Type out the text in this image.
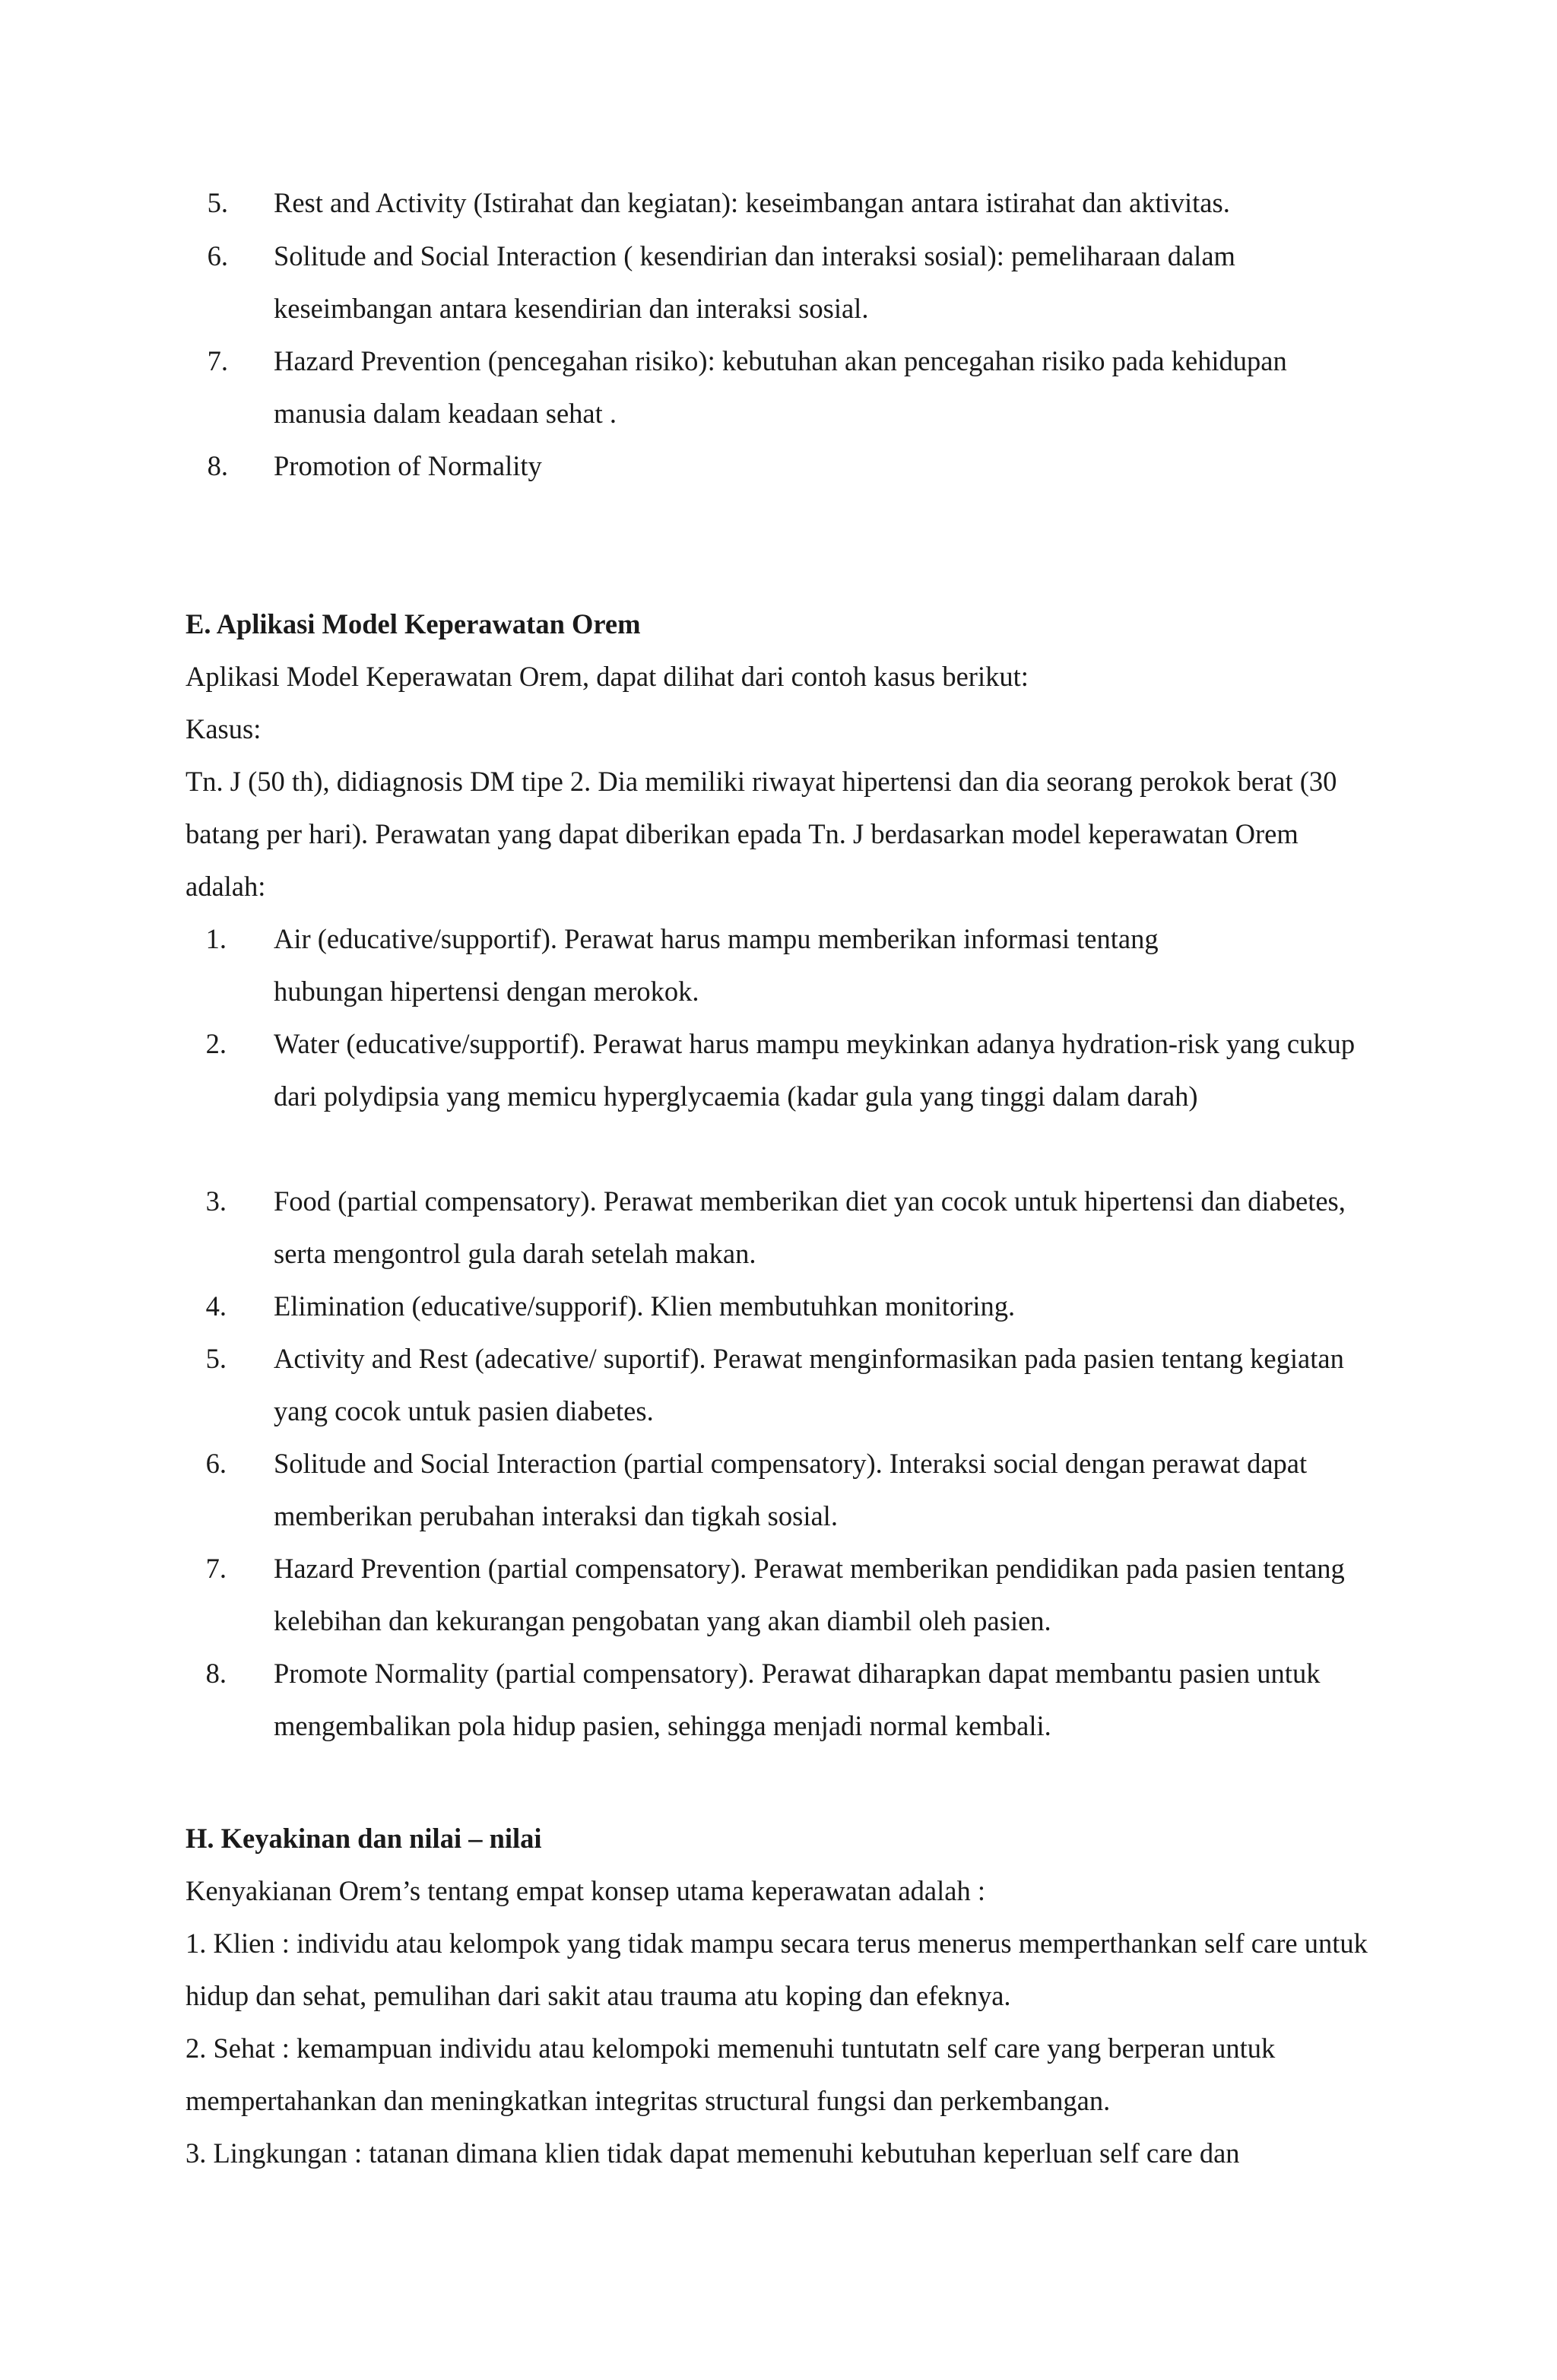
5. Rest and Activity (Istirahat dan kegiatan): keseimbangan antara istirahat dan aktivitas.
6. Solitude and Social Interaction ( kesendirian dan interaksi sosial): pemeliharaan dalam keseimbangan antara kesendirian dan interaksi sosial.
7. Hazard Prevention (pencegahan risiko): kebutuhan akan pencegahan risiko pada kehidupan manusia dalam keadaan sehat .
8. Promotion of Normality

E. Aplikasi Model Keperawatan Orem

Aplikasi Model Keperawatan Orem, dapat dilihat dari contoh kasus berikut:

Kasus:

Tn. J (50 th), didiagnosis DM tipe 2. Dia memiliki riwayat hipertensi dan dia seorang perokok berat (30 batang per hari). Perawatan yang dapat diberikan epada Tn. J berdasarkan model keperawatan Orem adalah:

1. Air (educative/supportif). Perawat harus mampu memberikan informasi tentang hubungan hipertensi dengan merokok.
2. Water (educative/supportif). Perawat harus mampu meykinkan adanya hydration-risk yang cukup dari polydipsia yang memicu hyperglycaemia (kadar gula yang tinggi dalam darah)
3. Food (partial compensatory). Perawat memberikan diet yan cocok untuk hipertensi dan diabetes, serta mengontrol gula darah setelah makan.
4. Elimination (educative/supporif). Klien membutuhkan monitoring.
5. Activity and Rest (adecative/ suportif). Perawat menginformasikan pada pasien tentang kegiatan yang cocok untuk pasien diabetes.
6. Solitude and Social Interaction (partial compensatory). Interaksi social dengan perawat dapat memberikan perubahan interaksi dan tigkah sosial.
7. Hazard Prevention (partial compensatory). Perawat memberikan pendidikan pada pasien tentang kelebihan dan kekurangan pengobatan yang akan diambil oleh pasien.
8. Promote Normality (partial compensatory). Perawat diharapkan dapat membantu pasien untuk mengembalikan pola hidup pasien, sehingga menjadi normal kembali.

H. Keyakinan dan nilai – nilai

Kenyakianan Orem’s tentang empat konsep utama keperawatan adalah :

1. Klien : individu atau kelompok yang tidak mampu secara terus menerus memperthankan self care untuk hidup dan sehat, pemulihan dari sakit atau trauma atu koping dan efeknya.

2. Sehat : kemampuan individu atau kelompoki memenuhi tuntutatn self care yang berperan untuk mempertahankan dan meningkatkan integritas structural fungsi dan perkembangan.

3. Lingkungan : tatanan dimana klien tidak dapat memenuhi kebutuhan keperluan self care dan
